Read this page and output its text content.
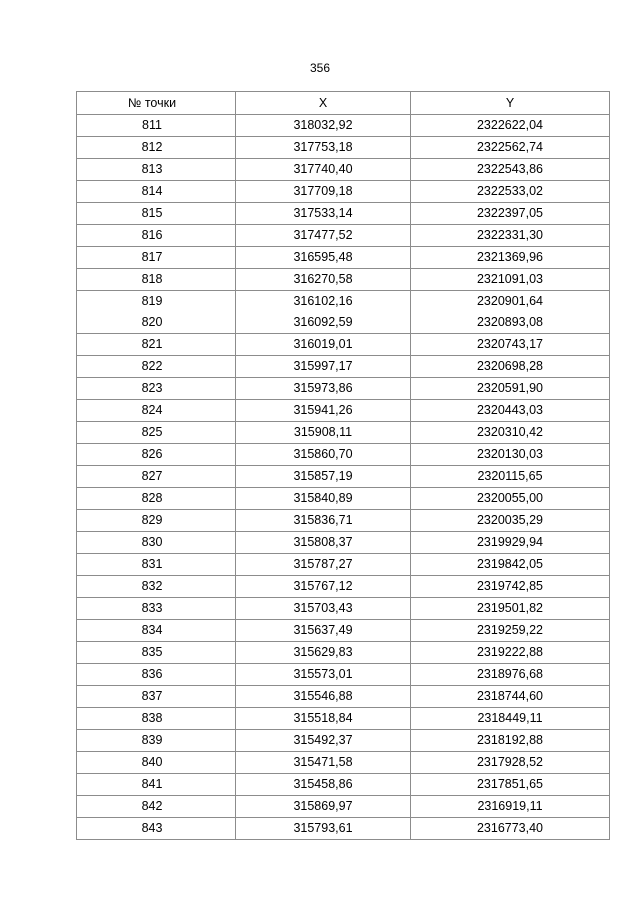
356
№ точки	X	Y
811	318032,92	2322622,04
812	317753,18	2322562,74
813	317740,40	2322543,86
814	317709,18	2322533,02
815	317533,14	2322397,05
816	317477,52	2322331,30
817	316595,48	2321369,96
818	316270,58	2321091,03
819	316102,16	2320901,64
820	316092,59	2320893,08
821	316019,01	2320743,17
822	315997,17	2320698,28
823	315973,86	2320591,90
824	315941,26	2320443,03
825	315908,11	2320310,42
826	315860,70	2320130,03
827	315857,19	2320115,65
828	315840,89	2320055,00
829	315836,71	2320035,29
830	315808,37	2319929,94
831	315787,27	2319842,05
832	315767,12	2319742,85
833	315703,43	2319501,82
834	315637,49	2319259,22
835	315629,83	2319222,88
836	315573,01	2318976,68
837	315546,88	2318744,60
838	315518,84	2318449,11
839	315492,37	2318192,88
840	315471,58	2317928,52
841	315458,86	2317851,65
842	315869,97	2316919,11
843	315793,61	2316773,40
